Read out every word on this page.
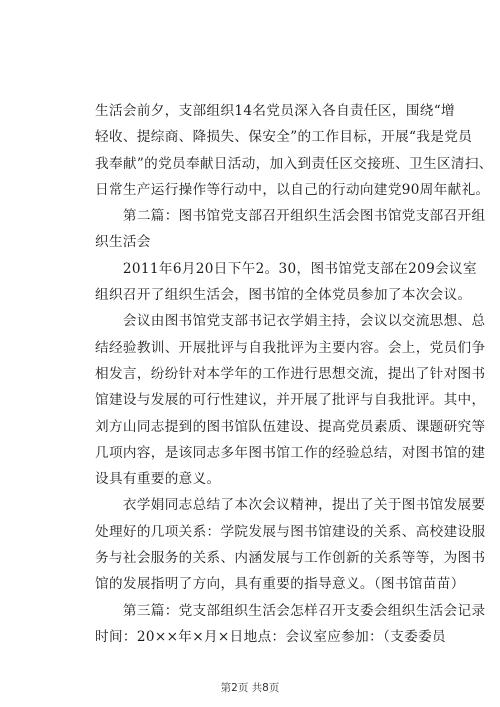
生活会前夕，支部组织14名党员深入各自责任区，围绕“增
轻收、提综商、降损失、保安全”的工作目标，开展“我是党员
我奉献”的党员奉献日活动，加入到责任区交接班、卫生区清扫、
日常生产运行操作等行动中，以自己的行动向建党90周年献礼。
　　第二篇：图书馆党支部召开组织生活会图书馆党支部召开组
织生活会
　　2011年6月20日下午2。30，图书馆党支部在209会议室
组织召开了组织生活会，图书馆的全体党员参加了本次会议。
　　会议由图书馆党支部书记衣学娟主持，会议以交流思想、总
结经验教训、开展批评与自我批评为主要内容。会上，党员们争
相发言，纷纷针对本学年的工作进行思想交流，提出了针对图书
馆建设与发展的可行性建议，并开展了批评与自我批评。其中，
刘方山同志提到的图书馆队伍建设、提高党员素质、课题研究等
几项内容，是该同志多年图书馆工作的经验总结，对图书馆的建
设具有重要的意义。
　　衣学娟同志总结了本次会议精神，提出了关于图书馆发展要
处理好的几项关系：学院发展与图书馆建设的关系、高校建设服
务与社会服务的关系、内涵发展与工作创新的关系等等，为图书
馆的发展指明了方向，具有重要的指导意义。（图书馆苗苗）
　　第三篇：党支部组织生活会怎样召开支委会组织生活会记录
时间：20××年×月×日地点：会议室应参加：（支委委员
第2页 共8页
